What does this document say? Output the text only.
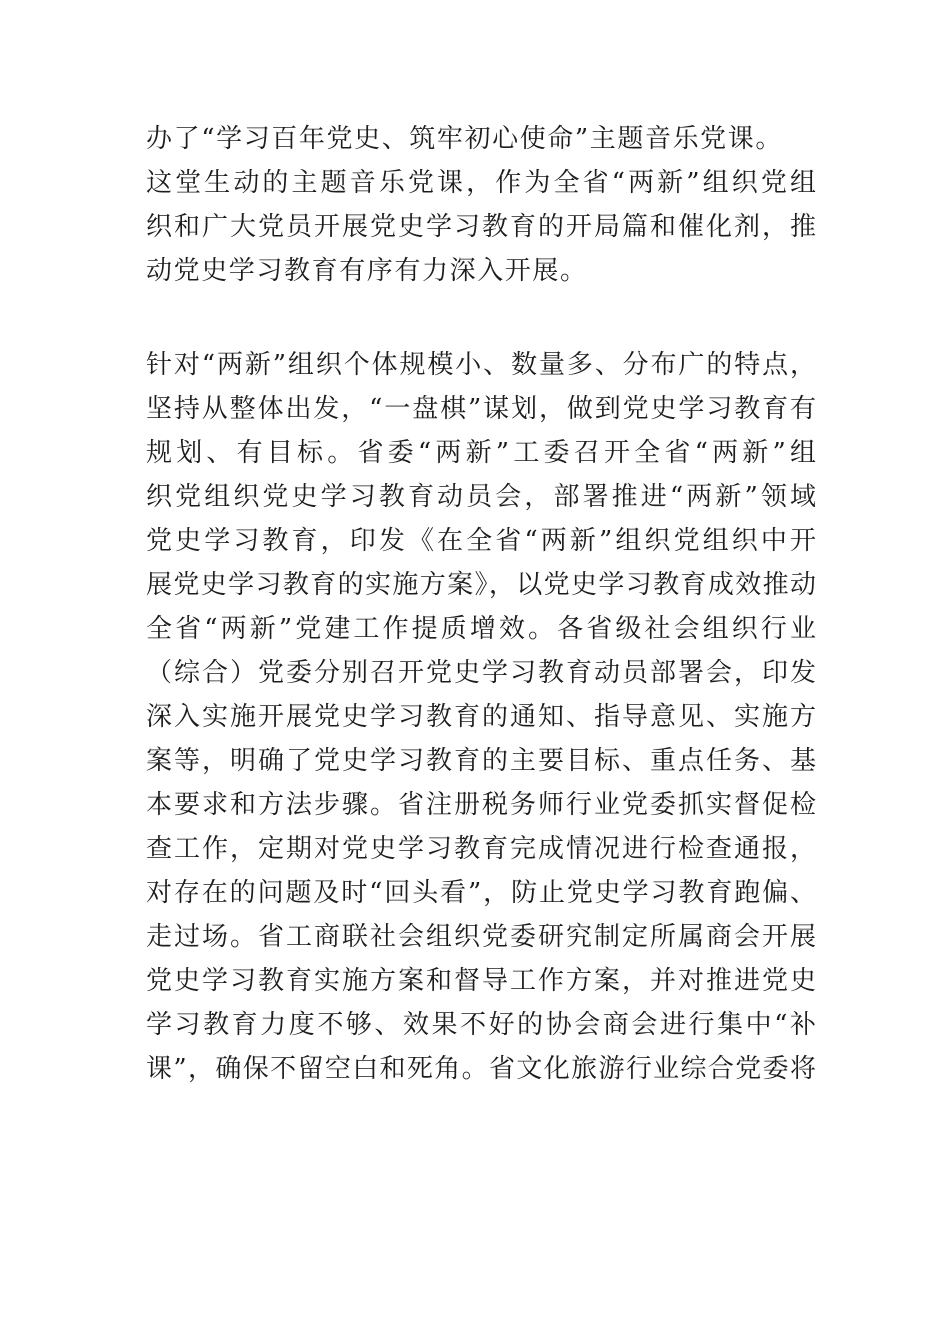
办了“学习百年党史、筑牢初心使命”主题音乐党课。
这堂生动的主题音乐党课，作为全省“两新”组织党组
织和广大党员开展党史学习教育的开局篇和催化剂，推
动党史学习教育有序有力深入开展。
针对“两新”组织个体规模小、数量多、分布广的特点，
坚持从整体出发，“一盘棋”谋划，做到党史学习教育有
规划、有目标。省委“两新”工委召开全省“两新”组
织党组织党史学习教育动员会，部署推进“两新”领域
党史学习教育，印发《在全省“两新”组织党组织中开
展党史学习教育的实施方案》，以党史学习教育成效推动
全省“两新”党建工作提质增效。各省级社会组织行业
（综合）党委分别召开党史学习教育动员部署会，印发
深入实施开展党史学习教育的通知、指导意见、实施方
案等，明确了党史学习教育的主要目标、重点任务、基
本要求和方法步骤。省注册税务师行业党委抓实督促检
查工作，定期对党史学习教育完成情况进行检查通报，
对存在的问题及时“回头看”，防止党史学习教育跑偏、
走过场。省工商联社会组织党委研究制定所属商会开展
党史学习教育实施方案和督导工作方案，并对推进党史
学习教育力度不够、效果不好的协会商会进行集中“补
课”，确保不留空白和死角。省文化旅游行业综合党委将
